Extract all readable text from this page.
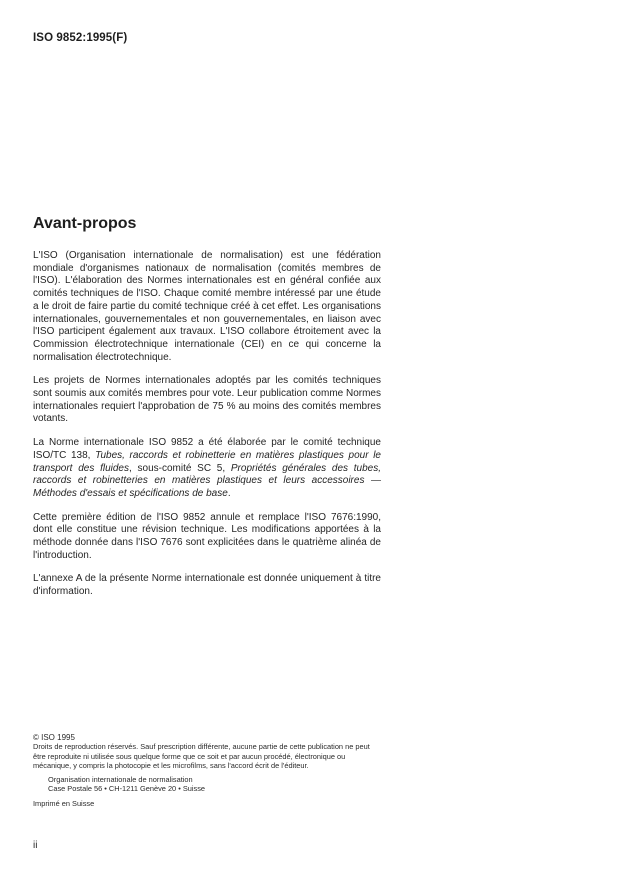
ISO 9852:1995(F)
Avant-propos

L'ISO (Organisation internationale de normalisation) est une fédération mondiale d'organismes nationaux de normalisation (comités membres de l'ISO). L'élaboration des Normes internationales est en général confiée aux comités techniques de l'ISO. Chaque comité membre intéressé par une étude a le droit de faire partie du comité technique créé à cet effet. Les organisations internationales, gouvernementales et non gouvernementales, en liaison avec l'ISO participent également aux travaux. L'ISO collabore étroitement avec la Commission électrotechnique internationale (CEI) en ce qui concerne la normalisation électrotechnique.

Les projets de Normes internationales adoptés par les comités techniques sont soumis aux comités membres pour vote. Leur publication comme Normes internationales requiert l'approbation de 75 % au moins des comités membres votants.

La Norme internationale ISO 9852 a été élaborée par le comité technique ISO/TC 138, Tubes, raccords et robinetterie en matières plastiques pour le transport des fluides, sous-comité SC 5, Propriétés générales des tubes, raccords et robinetteries en matières plastiques et leurs accessoires — Méthodes d'essais et spécifications de base.

Cette première édition de l'ISO 9852 annule et remplace l'ISO 7676:1990, dont elle constitue une révision technique. Les modifications apportées à la méthode donnée dans l'ISO 7676 sont explicitées dans le quatrième alinéa de l'introduction.

L'annexe A de la présente Norme internationale est donnée uniquement à titre d'information.

© ISO 1995
Droits de reproduction réservés. Sauf prescription différente, aucune partie de cette publication ne peut être reproduite ni utilisée sous quelque forme que ce soit et par aucun procédé, électronique ou mécanique, y compris la photocopie et les microfilms, sans l'accord écrit de l'éditeur.
Organisation internationale de normalisation
Case Postale 56 • CH-1211 Genève 20 • Suisse
Imprimé en Suisse
ii
